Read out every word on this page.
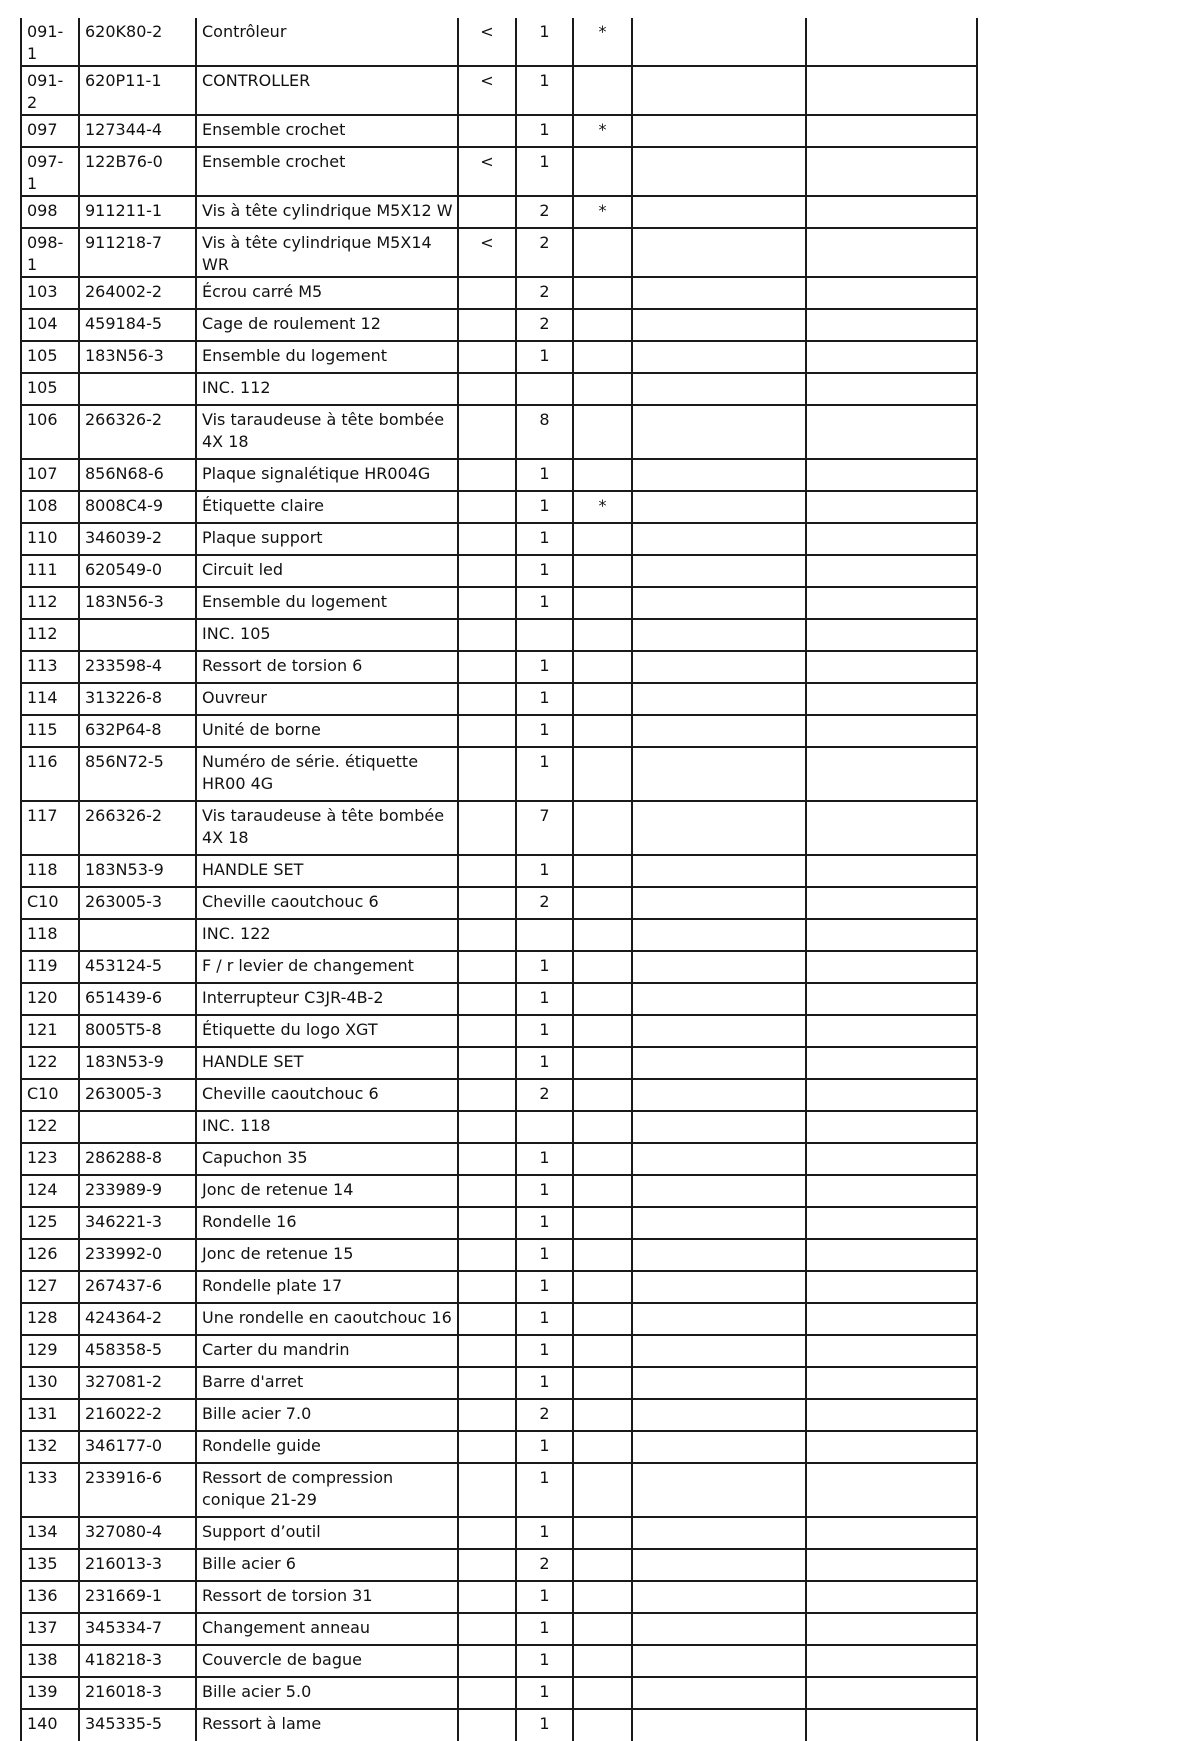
091-1	620K80-2	Contrôleur	<	1	*		
091-2	620P11-1	CONTROLLER	<	1			
097	127344-4	Ensemble crochet		1	*		
097-1	122B76-0	Ensemble crochet	<	1			
098	911211-1	Vis à tête cylindrique M5X12 W		2	*		
098-1	911218-7	Vis à tête cylindrique M5X14 WR	<	2			
103	264002-2	Écrou carré M5		2			
104	459184-5	Cage de roulement 12		2			
105	183N56-3	Ensemble du logement		1			
105		INC. 112					
106	266326-2	Vis taraudeuse à tête bombée 4X 18		8			
107	856N68-6	Plaque signalétique HR004G		1			
108	8008C4-9	Étiquette claire		1	*		
110	346039-2	Plaque support		1			
111	620549-0	Circuit led		1			
112	183N56-3	Ensemble du logement		1			
112		INC. 105					
113	233598-4	Ressort de torsion 6		1			
114	313226-8	Ouvreur		1			
115	632P64-8	Unité de borne		1			
116	856N72-5	Numéro de série. étiquette HR00 4G		1			
117	266326-2	Vis taraudeuse à tête bombée 4X 18		7			
118	183N53-9	HANDLE SET		1			
C10	263005-3	Cheville caoutchouc 6		2			
118		INC. 122					
119	453124-5	F / r levier de changement		1			
120	651439-6	Interrupteur C3JR-4B-2		1			
121	8005T5-8	Étiquette du logo XGT		1			
122	183N53-9	HANDLE SET		1			
C10	263005-3	Cheville caoutchouc 6		2			
122		INC. 118					
123	286288-8	Capuchon 35		1			
124	233989-9	Jonc de retenue 14		1			
125	346221-3	Rondelle 16		1			
126	233992-0	Jonc de retenue 15		1			
127	267437-6	Rondelle plate 17		1			
128	424364-2	Une rondelle en caoutchouc 16		1			
129	458358-5	Carter du mandrin		1			
130	327081-2	Barre d'arret		1			
131	216022-2	Bille acier 7.0		2			
132	346177-0	Rondelle guide		1			
133	233916-6	Ressort de compression conique 21-29		1			
134	327080-4	Support d’outil		1			
135	216013-3	Bille acier 6		2			
136	231669-1	Ressort de torsion 31		1			
137	345334-7	Changement anneau		1			
138	418218-3	Couvercle de bague		1			
139	216018-3	Bille acier 5.0		1			
140	345335-5	Ressort à lame		1			
